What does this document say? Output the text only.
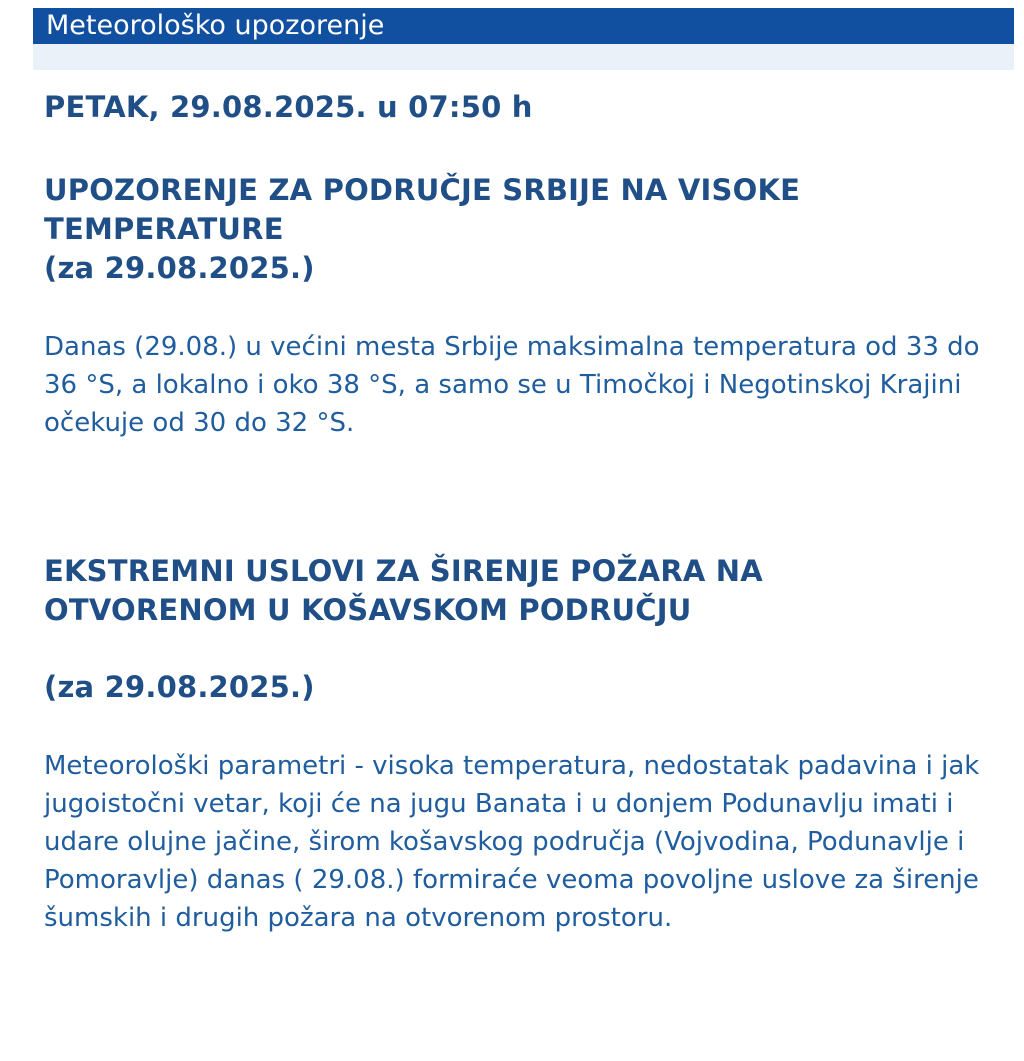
Meteorološko upozorenje

PETAK, 29.08.2025. u 07:50 h

UPOZORENJE ZA PODRUČJE SRBIJE NA VISOKE
TEMPERATURE

(za 29.08.2025.)

Danas (29.08.) u većini mesta Srbije maksimalna temperatura od 33 do 36 °S, a lokalno i oko 38 °S, a samo se u Timočkoj i Negotinskoj Krajini očekuje od 30 do 32 °S.

EKSTREMNI USLOVI ZA ŠIRENJE POŽARA NA
OTVORENOM U KOŠAVSKOM PODRUČJU

(za 29.08.2025.)

Meteorološki parametri - visoka temperatura, nedostatak padavina i jak jugoistočni vetar, koji će na jugu Banata i u donjem Podunavlju imati i udare olujne jačine, širom košavskog područja (Vojvodina, Podunavlje i Pomoravlje) danas ( 29.08.) formiraće veoma povoljne uslove za širenje šumskih i drugih požara na otvorenom prostoru.
